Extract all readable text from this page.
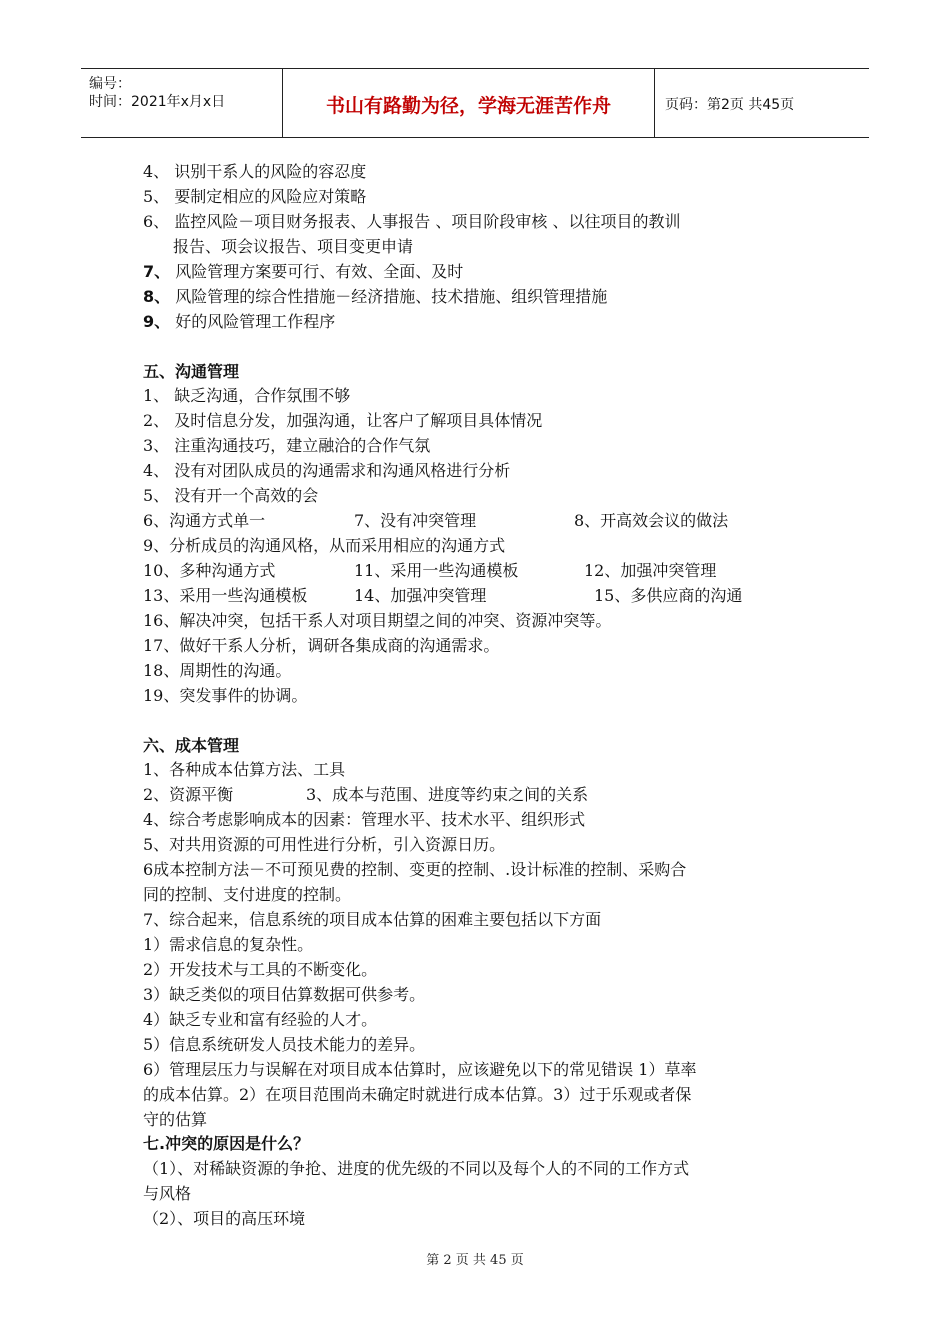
编号：
时间：2021年x月x日	书山有路勤为径，学海无涯苦作舟	页码：第2页 共45页
4、 识别干系人的风险的容忍度
5、 要制定相应的风险应对策略
6、 监控风险－项目财务报表、人事报告 、项目阶段审核 、以往项目的教训
报告、项会议报告、项目变更申请
7、 风险管理方案要可行、有效、全面、及时
8、 风险管理的综合性措施－经济措施、技术措施、组织管理措施
9、 好的风险管理工作程序
五、沟通管理
1、 缺乏沟通，合作氛围不够
2、 及时信息分发，加强沟通，让客户了解项目具体情况
3、 注重沟通技巧，建立融洽的合作气氛
4、 没有对团队成员的沟通需求和沟通风格进行分析
5、 没有开一个高效的会
6、沟通方式单一	7、没有冲突管理	8、开高效会议的做法
9、分析成员的沟通风格，从而采用相应的沟通方式
10、多种沟通方式	11、采用一些沟通模板	12、加强冲突管理
13、采用一些沟通模板	14、加强冲突管理	15、多供应商的沟通
16、解决冲突，包括干系人对项目期望之间的冲突、资源冲突等。
17、做好干系人分析，调研各集成商的沟通需求。
18、周期性的沟通。
19、突发事件的协调。
六、成本管理
1、各种成本估算方法、工具
2、资源平衡	3、成本与范围、进度等约束之间的关系
4、综合考虑影响成本的因素：管理水平、技术水平、组织形式
5、对共用资源的可用性进行分析，引入资源日历。
6成本控制方法－不可预见费的控制、变更的控制、.设计标准的控制、采购合
同的控制、支付进度的控制。
7、综合起来，信息系统的项目成本估算的困难主要包括以下方面
1）需求信息的复杂性。
2）开发技术与工具的不断变化。
3）缺乏类似的项目估算数据可供参考。
4）缺乏专业和富有经验的人才。
5）信息系统研发人员技术能力的差异。
6）管理层压力与误解在对项目成本估算时，应该避免以下的常见错误 1）草率
的成本估算。2）在项目范围尚未确定时就进行成本估算。3）过于乐观或者保
守的估算
七.冲突的原因是什么？
（1）、对稀缺资源的争抢、进度的优先级的不同以及每个人的不同的工作方式
与风格
（2）、项目的高压环境
第 2 页 共 45 页
